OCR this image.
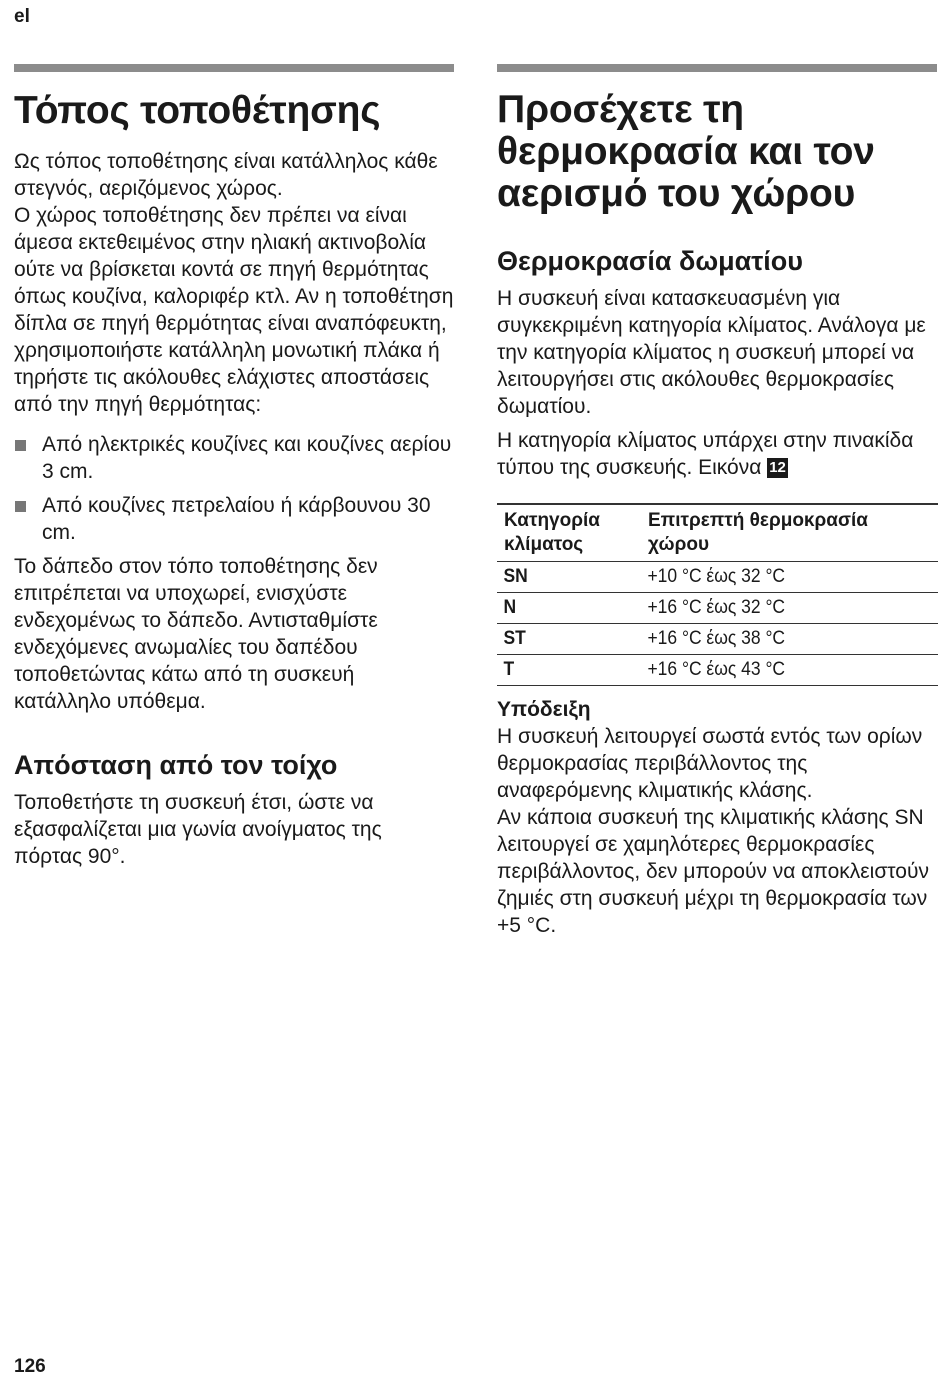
el
Τόπος τοποθέτησης

Ως τόπος τοποθέτησης είναι κατάλληλος κάθε στεγνός, αεριζόμενος χώρος.

Ο χώρος τοποθέτησης δεν πρέπει να είναι άμεσα εκτεθειμένος στην ηλιακή ακτινοβολία ούτε να βρίσκεται κοντά σε πηγή θερμότητας όπως κουζίνα, καλοριφέρ κτλ. Αν η τοποθέτηση δίπλα σε πηγή θερμότητας είναι αναπόφευκτη, χρησιμοποιήστε κατάλληλη μονωτική πλάκα ή τηρήστε τις ακόλουθες ελάχιστες αποστάσεις από την πηγή θερμότητας:

Από ηλεκτρικές κουζίνες και κουζίνες αερίου 3 cm.
Από κουζίνες πετρελαίου ή κάρβουνου 30 cm.

Το δάπεδο στον τόπο τοποθέτησης δεν επιτρέπεται να υποχωρεί, ενισχύστε ενδεχομένως το δάπεδο. Αντισταθμίστε ενδεχόμενες ανωμαλίες του δαπέδου τοποθετώντας κάτω από τη συσκευή κατάλληλο υπόθεμα.

Απόσταση από τον τοίχο

Τοποθετήστε τη συσκευή έτσι, ώστε να εξασφαλίζεται μια γωνία ανοίγματος της πόρτας 90°.

Προσέχετε τη θερμοκρασία και τον αερισμό του χώρου
Θερμοκρασία δωματίου

Η συσκευή είναι κατασκευασμένη για συγκεκριμένη κατηγορία κλίματος. Ανάλογα με την κατηγορία κλίματος η συσκευή μπορεί να λειτουργήσει στις ακόλουθες θερμοκρασίες δωματίου.

Η κατηγορία κλίματος υπάρχει στην πινακίδα τύπου της συσκευής. Εικόνα 12

Κατηγορία κλίματος	Επιτρεπτή θερμοκρασία χώρου
SN	+10 °C έως 32 °C
N	+16 °C έως 32 °C
ST	+16 °C έως 38 °C
T	+16 °C έως 43 °C
Υπόδειξη

Η συσκευή λειτουργεί σωστά εντός των ορίων θερμοκρασίας περιβάλλοντος της αναφερόμενης κλιματικής κλάσης.

Αν κάποια συσκευή της κλιματικής κλάσης SN λειτουργεί σε χαμηλότερες θερμοκρασίες περιβάλλοντος, δεν μπορούν να αποκλειστούν ζημιές στη συσκευή μέχρι τη θερμοκρασία των +5 °C.

126
